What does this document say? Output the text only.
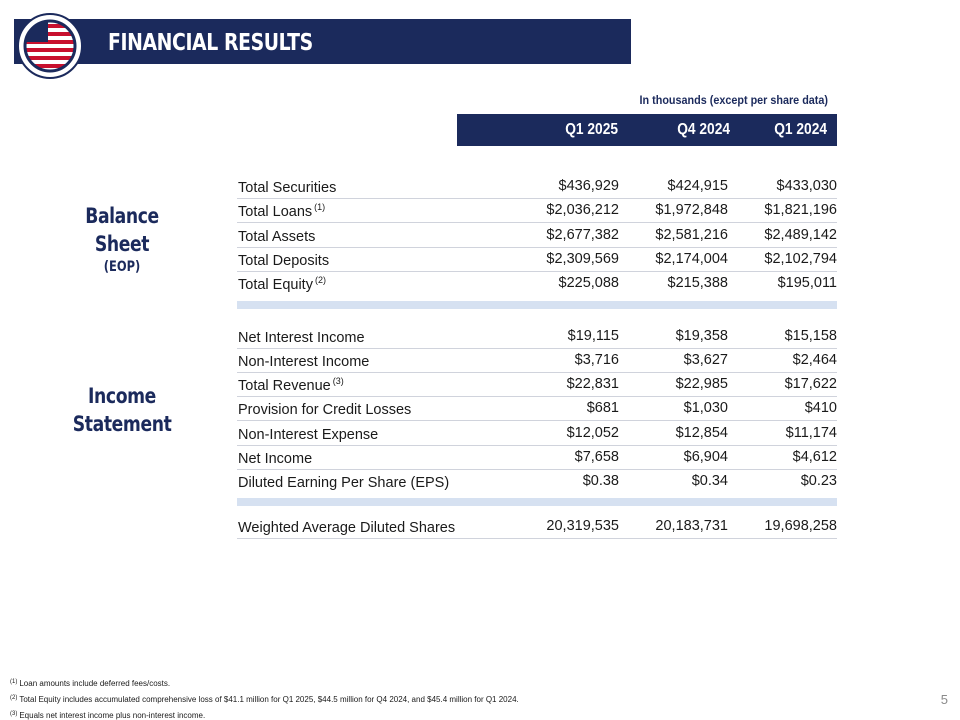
FINANCIAL RESULTS
In thousands (except per share data)
Q1 2025	Q4 2024	Q1 2024
Balance
Sheet
(EOP)
Income
Statement
Total Securities	$436,929	$424,915	$433,030
Total Loans $^{(1)}$	$2,036,212	$1,972,848	$1,821,196
Total Assets	$2,677,382	$2,581,216	$2,489,142
Total Deposits	$2,309,569	$2,174,004	$2,102,794
Total Equity $^{(2)}$	$225,088	$215,388	$195,011
Net Interest Income	$19,115	$19,358	$15,158
Non-Interest Income	$3,716	$3,627	$2,464
Total Revenue $^{(3)}$	$22,831	$22,985	$17,622
Provision for Credit Losses	$681	$1,030	$410
Non-Interest Expense	$12,052	$12,854	$11,174
Net Income	$7,658	$6,904	$4,612
Diluted Earning Per Share (EPS)	$0.38	$0.34	$0.23
Weighted Average Diluted Shares	20,319,535	20,183,731	19,698,258
$^{(1)}$ Loan amounts include deferred fees/costs.
$^{(2)}$ Total Equity includes accumulated comprehensive loss of $41.1 million for Q1 2025, $44.5 million for Q4 2024, and $45.4 million for Q1 2024.
$^{(3)}$ Equals net interest income plus non-interest income.
5
